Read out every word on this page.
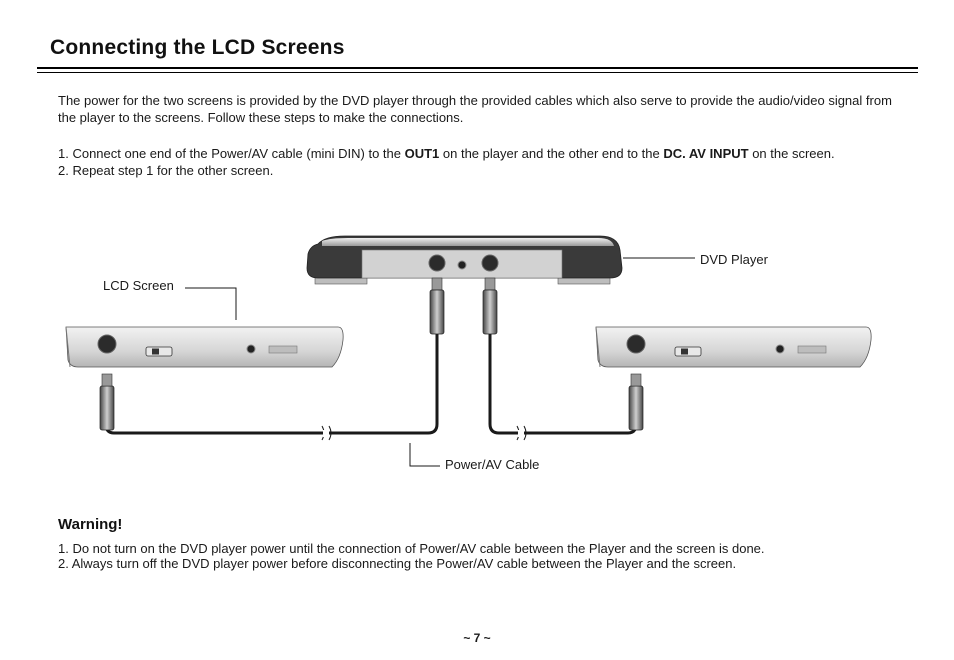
Connecting the LCD Screens

The power for the two screens is provided by the DVD player through the provided cables which also serve to provide the audio/video signal from the player to the screens. Follow these steps to make the connections.

1. Connect one end of the Power/AV cable (mini DIN) to the OUT1 on the player and the other end to the DC. AV INPUT on the screen.

2. Repeat step 1 for the other screen.

DVD Player
LCD Screen
Power/AV Cable
Warning!

1. Do not turn on the DVD player power until the connection of Power/AV cable between the Player and the screen is done.

2. Always turn off the DVD player power before disconnecting the Power/AV cable between the Player and the screen.

~ 7 ~
